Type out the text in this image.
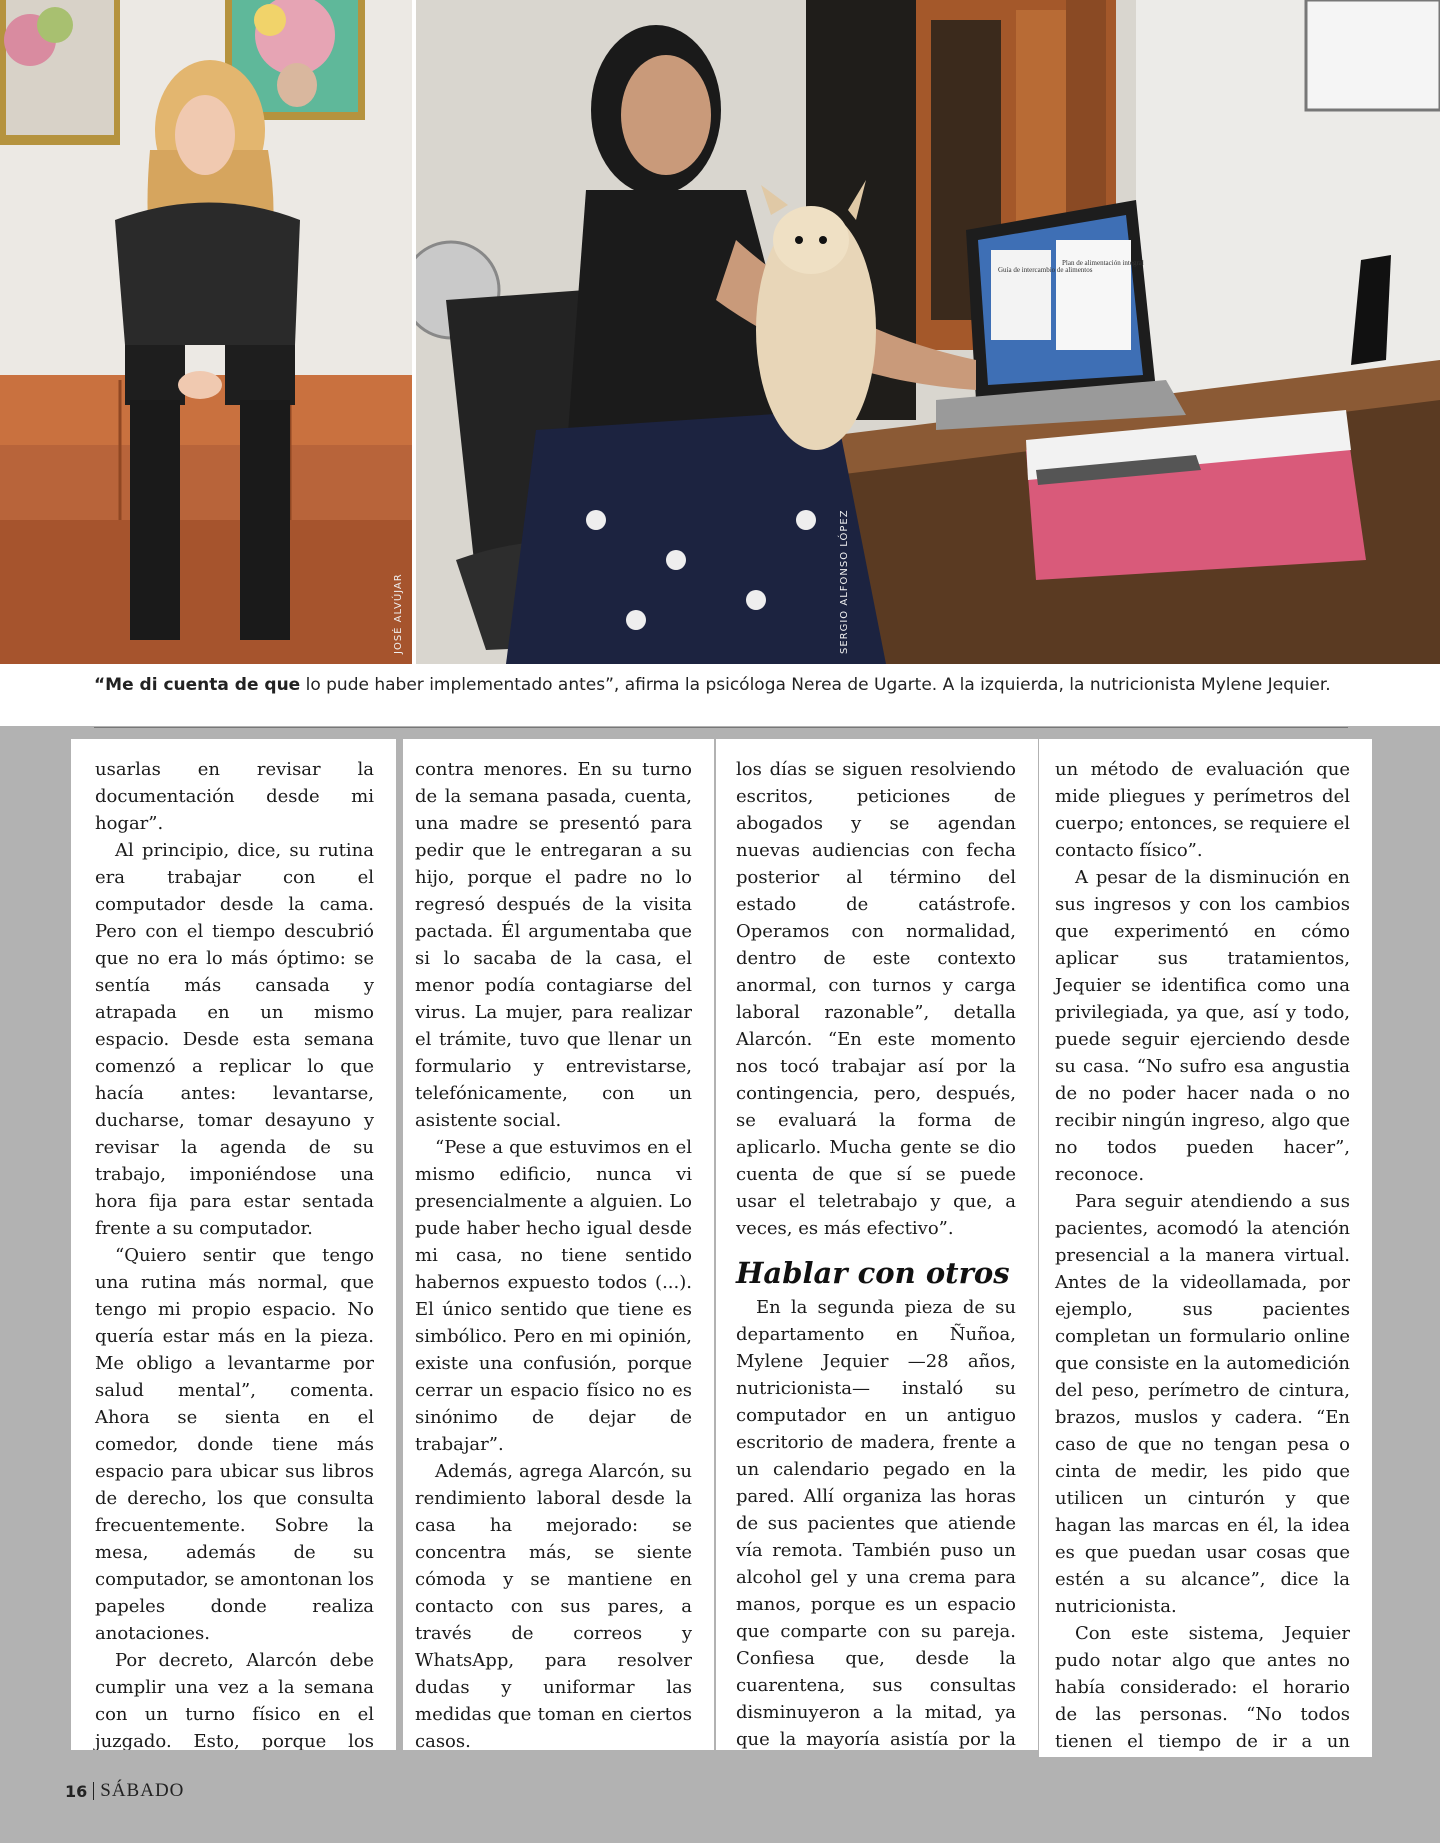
JOSÉ ALVÚJAR
Guía de intercambio de alimentos
Plan de alimentación integral
SERGIO ALFONSO LÓPEZ

“Me di cuenta de que lo pude haber implementado antes”, afirma la psicóloga Nerea de Ugarte. A la izquierda, la nutricionista Mylene Jequier.

usarlas en revisar la documentación desde mi hogar”.

Al principio, dice, su rutina era trabajar con el computador desde la cama. Pero con el tiempo descubrió que no era lo más óptimo: se sentía más cansada y atrapada en un mismo espacio. Desde esta semana comenzó a replicar lo que hacía antes: levantarse, ducharse, tomar desayuno y revisar la agenda de su trabajo, imponiéndose una hora fija para estar sentada frente a su computador.

“Quiero sentir que tengo una rutina más normal, que tengo mi propio espacio. No quería estar más en la pieza. Me obligo a levantarme por salud mental”, comenta. Ahora se sienta en el comedor, donde tiene más espacio para ubicar sus libros de derecho, los que consulta frecuentemente. Sobre la mesa, además de su computador, se amontonan los papeles donde realiza anotaciones.

Por decreto, Alarcón debe cumplir una vez a la semana con un turno físico en el juzgado. Esto, porque los

contra menores. En su turno de la semana pasada, cuenta, una madre se presentó para pedir que le entregaran a su hijo, porque el padre no lo regresó después de la visita pactada. Él argumentaba que si lo sacaba de la casa, el menor podía contagiarse del virus. La mujer, para realizar el trámite, tuvo que llenar un formulario y entrevistarse, telefónicamente, con un asistente social.

“Pese a que estuvimos en el mismo edificio, nunca vi presencialmente a alguien. Lo pude haber hecho igual desde mi casa, no tiene sentido habernos expuesto todos (...). El único sentido que tiene es simbólico. Pero en mi opinión, existe una confusión, porque cerrar un espacio físico no es sinónimo de dejar de trabajar”.

Además, agrega Alarcón, su rendimiento laboral desde la casa ha mejorado: se concentra más, se siente cómoda y se mantiene en contacto con sus pares, a través de correos y WhatsApp, para resolver dudas y uniformar las medidas que toman en ciertos casos.

los días se siguen resolviendo escritos, peticiones de abogados y se agendan nuevas audiencias con fecha posterior al término del estado de catástrofe. Operamos con normalidad, dentro de este contexto anormal, con turnos y carga laboral razonable”, detalla Alarcón. “En este momento nos tocó trabajar así por la contingencia, pero, después, se evaluará la forma de aplicarlo. Mucha gente se dio cuenta de que sí se puede usar el teletrabajo y que, a veces, es más efectivo”.

Hablar con otros

En la segunda pieza de su departamento en Ñuñoa, Mylene Jequier —28 años, nutricionista— instaló su computador en un antiguo escritorio de madera, frente a un calendario pegado en la pared. Allí organiza las horas de sus pacientes que atiende vía remota. También puso un alcohol gel y una crema para manos, porque es un espacio que comparte con su pareja. Confiesa que, desde la cuarentena, sus consultas disminuyeron a la mitad, ya que la mayoría asistía por la

un método de evaluación que mide pliegues y perímetros del cuerpo; entonces, se requiere el contacto físico”.

A pesar de la disminución en sus ingresos y con los cambios que experimentó en cómo aplicar sus tratamientos, Jequier se identifica como una privilegiada, ya que, así y todo, puede seguir ejerciendo desde su casa. “No sufro esa angustia de no poder hacer nada o no recibir ningún ingreso, algo que no todos pueden hacer”, reconoce.

Para seguir atendiendo a sus pacientes, acomodó la atención presencial a la manera virtual. Antes de la videollamada, por ejemplo, sus pacientes completan un formulario online que consiste en la automedición del peso, perímetro de cintura, brazos, muslos y cadera. “En caso de que no tengan pesa o cinta de medir, les pido que utilicen un cinturón y que hagan las marcas en él, la idea es que puedan usar cosas que estén a su alcance”, dice la nutricionista.

Con este sistema, Jequier pudo notar algo que antes no había considerado: el horario de las personas. “No todos tienen el tiempo de ir a un

16 SÁBADO
